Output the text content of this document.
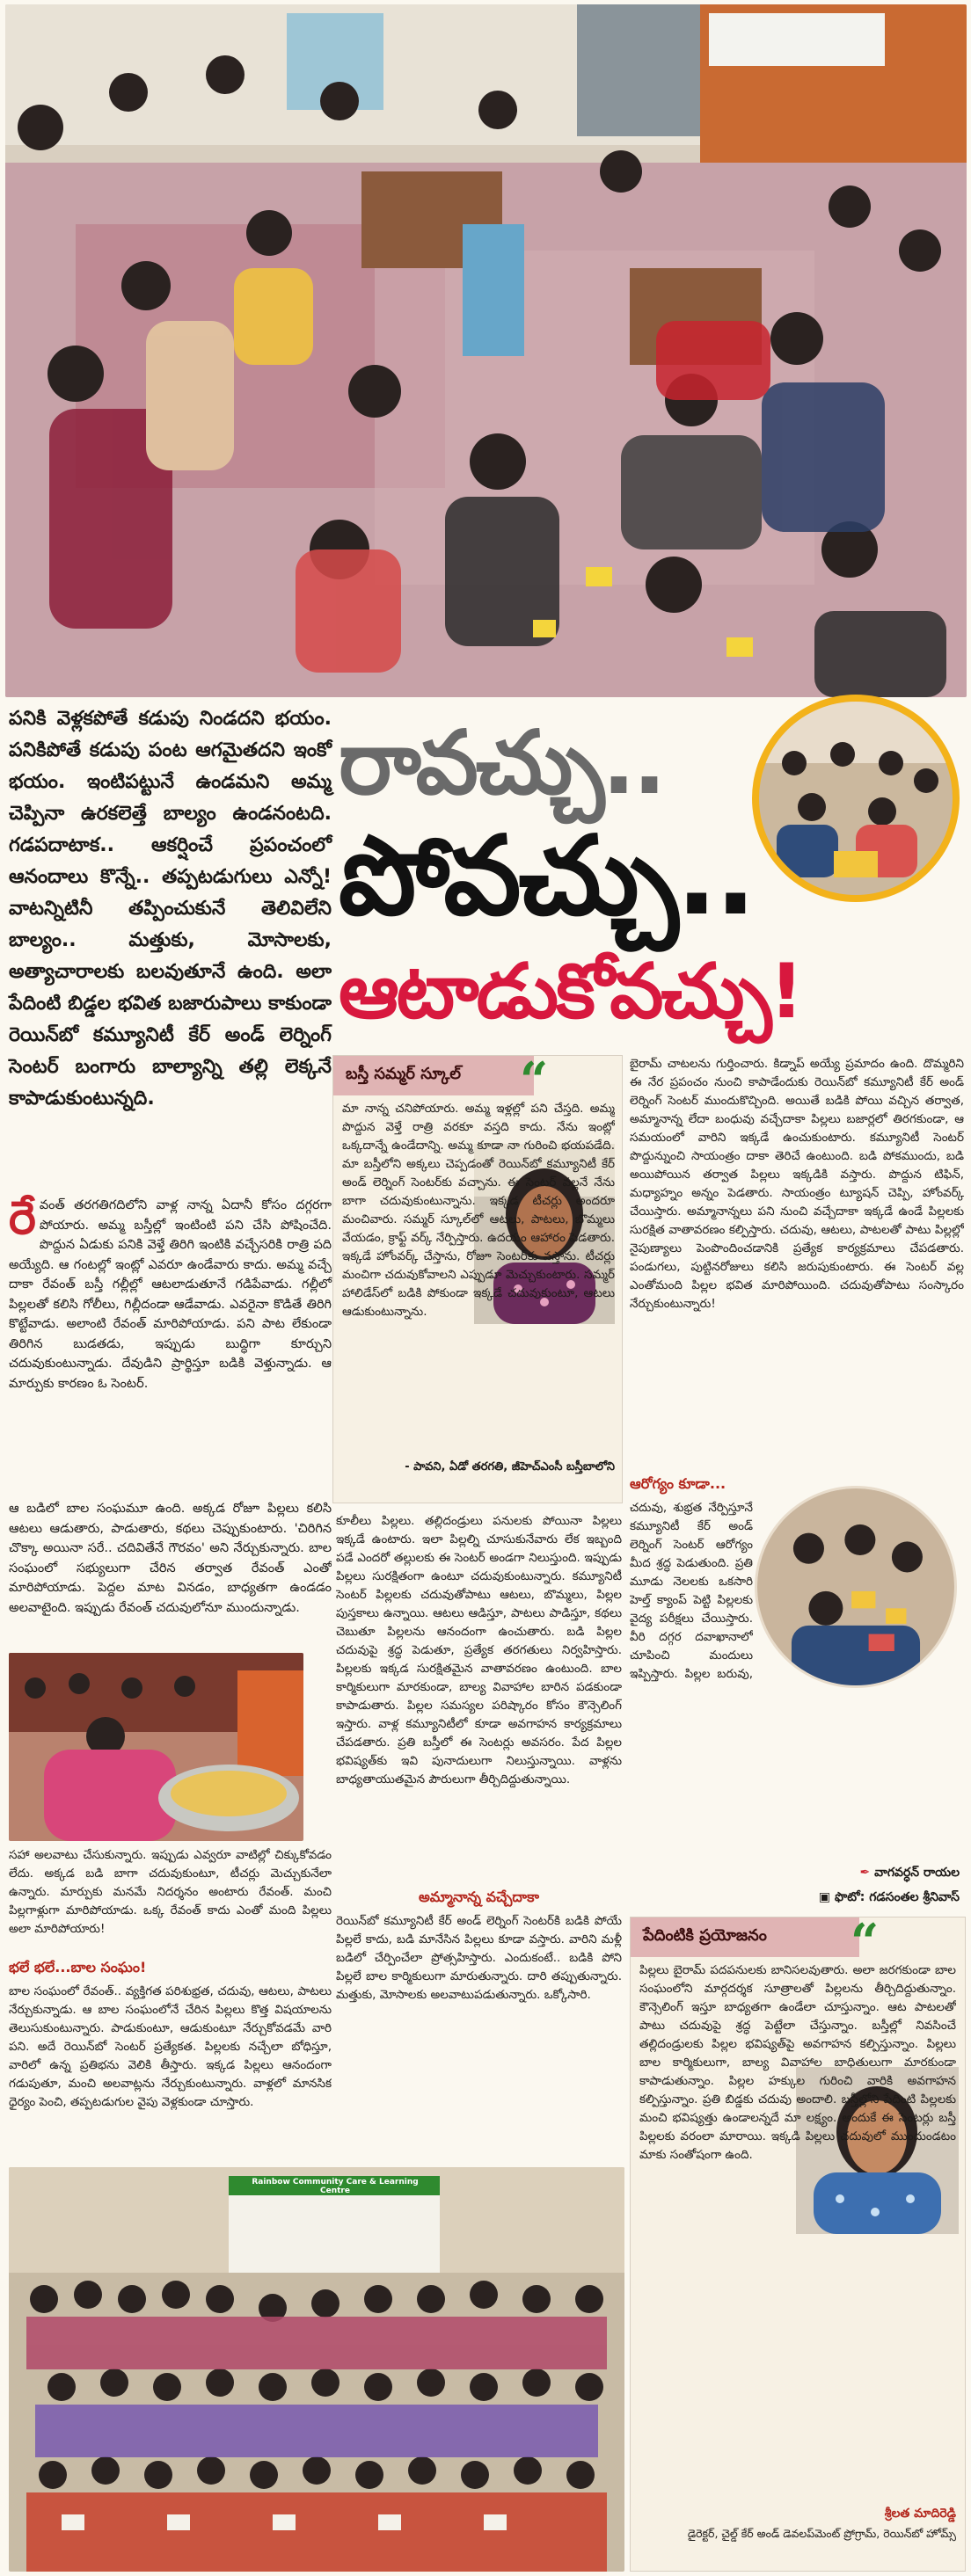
పనికి వెళ్లకపోతే కడుపు నిండదని భయం. పనికిపోతే కడుపు పంట ఆగమైతదని ఇంకో భయం. ఇంటిపట్టునే ఉండమని అమ్మ చెప్పినా ఉరకలెత్తే బాల్యం ఉండనంటది. గడపదాటాక.. ఆకర్షించే ప్రపంచంలో ఆనందాలు కొన్నే.. తప్పటడుగులు ఎన్నో! వాటన్నిటినీ తప్పించుకునే తెలివిలేని బాల్యం.. మత్తుకు, మోసాలకు, అత్యాచారాలకు బలవుతూనే ఉంది. అలా పేదింటి బిడ్డల భవిత బజారుపాలు కాకుండా రెయిన్‌బో కమ్యూనిటీ కేర్ అండ్ లెర్నింగ్ సెంటర్ బంగారు బాల్యాన్ని తల్లి లెక్కనే కాపాడుకుంటున్నది.
రావచ్చు..
పోవచ్చు..
ఆటాడుకోవచ్చు!
రే వంత్ తరగతిగదిలోని వాళ్ల నాన్న ఏదానీ కోసం దగ్గరగా పోయారు. అమ్మ బస్తీల్లో ఇంటింటి పని చేసి పోషించేది. పొద్దున ఏడుకు పనికి వెళ్తే తిరిగి ఇంటికి వచ్చేసరికి రాత్రి పది అయ్యేది. ఆ గంటల్లో ఇంట్లో ఎవరూ ఉండేవారు కాదు. అమ్మ వచ్చే దాకా రేవంత్ బస్తీ గల్లీల్లో ఆటలాడుతూనే గడిపేవాడు. గల్లీలో పిల్లలతో కలిసి గోలీలు, గిల్లీదండా ఆడేవాడు. ఎవరైనా కొడితే తిరిగి కొట్టేవాడు. అలాంటి రేవంత్ మారిపోయాడు. పని పాట లేకుండా తిరిగిన బుడతడు, ఇప్పుడు బుద్ధిగా కూర్చుని చదువుకుంటున్నాడు. దేవుడిని ప్రార్థిస్తూ బడికి వెళ్తున్నాడు. ఆ మార్పుకు కారణం ఓ సెంటర్.
ఆ బడిలో బాల సంఘమూ ఉంది. అక్కడ రోజూ పిల్లలు కలిసి ఆటలు ఆడుతారు, పాడుతారు, కథలు చెప్పుకుంటారు. 'చిరిగిన చొక్కా అయినా సరే.. చదివితేనే గౌరవం' అని నేర్చుకున్నారు. బాల సంఘంలో సభ్యులుగా చేరిన తర్వాత రేవంత్ ఎంతో మారిపోయాడు. పెద్దల మాట వినడం, బాధ్యతగా ఉండడం అలవాటైంది. ఇప్పుడు రేవంత్ చదువులోనూ ముందున్నాడు.
సహా అలవాటు చేసుకున్నారు. ఇప్పుడు ఎవ్వరూ వాటిల్లో చిక్కుకోవడం లేదు. అక్కడ బడి బాగా చదువుకుంటూ, టీచర్లు మెచ్చుకునేలా ఉన్నారు. మార్పుకు మనమే నిదర్శనం అంటారు రేవంత్. మంచి పిల్లగాళ్లుగా మారిపోయాడు. ఒక్క రేవంత్ కాదు ఎంతో మంది పిల్లలు అలా మారిపోయారు!
భలే భలే...బాల సంఘం!
బాల సంఘంలో రేవంత్.. వ్యక్తిగత పరిశుభ్రత, చదువు, ఆటలు, పాటలు నేర్చుకున్నాడు. ఆ బాల సంఘంలోనే చేరిన పిల్లలు కొత్త విషయాలను తెలుసుకుంటున్నారు. పాడుకుంటూ, ఆడుకుంటూ నేర్చుకోవడమే వారి పని. అదే రెయిన్‌బో సెంటర్ ప్రత్యేకత. పిల్లలకు నచ్చేలా బోధిస్తూ, వారిలో ఉన్న ప్రతిభను వెలికి తీస్తారు. ఇక్కడ పిల్లలు ఆనందంగా గడుపుతూ, మంచి అలవాట్లను నేర్చుకుంటున్నారు. వాళ్లలో మానసిక ధైర్యం పెంచి, తప్పటడుగుల వైపు వెళ్లకుండా చూస్తారు.
బస్తీ సమ్మర్ స్కూల్	“
మా నాన్న చనిపోయారు. అమ్మ ఇళ్లల్లో పని చేస్తది. అమ్మ పొద్దున వెళ్తే రాత్రి వరకూ వస్తది కాదు. నేను ఇంట్లో ఒక్కదాన్నే ఉండేదాన్ని. అమ్మ కూడా నా గురించి భయపడేది. మా బస్తీలోని అక్కలు చెప్పడంతో రెయిన్‌బో కమ్యూనిటీ కేర్ అండ్ లెర్నింగ్ సెంటర్‌కు వచ్చాను. ఈ సెంటర్ వల్లనే నేను బాగా చదువుకుంటున్నాను. ఇక్కడ టీచర్లు అందరూ మంచివారు. సమ్మర్ స్కూల్‌లో ఆటలు, పాటలు, బొమ్మలు వేయడం, క్రాఫ్ట్ వర్క్ నేర్పిస్తారు. ఉదయం ఆహారం పెడతారు. ఇక్కడే హోంవర్క్ చేస్తాను, రోజూ సెంటర్‌కు వస్తాను. టీచర్లు మంచిగా చదువుకోవాలని ఎప్పుడూ మెచ్చుకుంటారు. సమ్మర్ హాలిడేస్‌లో బడికి పోకుండా ఇక్కడే చదువుకుంటూ, ఆటలు ఆడుకుంటున్నాను.
- పావని, ఏడో తరగతి, జీహెచ్‌ఎంసీ బస్తీబాలోని
కూలీలు పిల్లలు. తల్లిదండ్రులు పనులకు పోయినా పిల్లలు ఇక్కడే ఉంటారు. ఇలా పిల్లల్ని చూసుకునేవారు లేక ఇబ్బంది పడే ఎందరో తల్లులకు ఈ సెంటర్ అండగా నిలుస్తుంది. ఇప్పుడు పిల్లలు సురక్షితంగా ఉంటూ చదువుకుంటున్నారు. కమ్యూనిటీ సెంటర్ పిల్లలకు చదువుతోపాటు ఆటలు, బొమ్మలు, పిల్లల పుస్తకాలు ఉన్నాయి. ఆటలు ఆడిస్తూ, పాటలు పాడిస్తూ, కథలు చెబుతూ పిల్లలను ఆనందంగా ఉంచుతారు. బడి పిల్లల చదువుపై శ్రద్ధ పెడుతూ, ప్రత్యేక తరగతులు నిర్వహిస్తారు. పిల్లలకు ఇక్కడ సురక్షితమైన వాతావరణం ఉంటుంది. బాల కార్మికులుగా మారకుండా, బాల్య వివాహాల బారిన పడకుండా కాపాడుతారు. పిల్లల సమస్యల పరిష్కారం కోసం కౌన్సెలింగ్ ఇస్తారు. వాళ్ల కమ్యూనిటీలో కూడా అవగాహన కార్యక్రమాలు చేపడతారు. ప్రతి బస్తీలో ఈ సెంటర్లు అవసరం. పేద పిల్లల భవిష్యత్‌కు ఇవి పునాదులుగా నిలుస్తున్నాయి. వాళ్లను బాధ్యతాయుతమైన పౌరులుగా తీర్చిదిద్దుతున్నాయి.
అమ్మానాన్న వచ్చేదాకా
రెయిన్‌బో కమ్యూనిటీ కేర్ అండ్ లెర్నింగ్ సెంటర్‌కి బడికి పోయే పిల్లలే కాదు, బడి మానేసిన పిల్లలు కూడా వస్తారు. వారిని మళ్లీ బడిలో చేర్పించేలా ప్రోత్సహిస్తారు. ఎందుకంటే.. బడికి పోని పిల్లలే బాల కార్మికులుగా మారుతున్నారు. దారి తప్పుతున్నారు. మత్తుకు, మోసాలకు అలవాటుపడుతున్నారు. ఒక్కోసారి.
బైరామ్ చాటలను గుర్తించారు. కిడ్నాప్ అయ్యే ప్రమాదం ఉంది. దొమ్మరిని ఈ నేర ప్రపంచం నుంచి కాపాడేందుకు రెయిన్‌బో కమ్యూనిటీ కేర్ అండ్ లెర్నింగ్ సెంటర్ ముందుకొచ్చింది. అయితే బడికి పోయి వచ్చిన తర్వాత, అమ్మానాన్న లేదా బంధువు వచ్చేదాకా పిల్లలు బజార్లలో తిరగకుండా, ఆ సమయంలో వారిని ఇక్కడే ఉంచుకుంటారు. కమ్యూనిటీ సెంటర్ పొద్దున్నుంచి సాయంత్రం దాకా తెరిచే ఉంటుంది. బడి పోకముందు, బడి అయిపోయిన తర్వాత పిల్లలు ఇక్కడికి వస్తారు. పొద్దున టిఫిన్, మధ్యాహ్నం అన్నం పెడతారు. సాయంత్రం ట్యూషన్ చెప్పి, హోంవర్క్ చేయిస్తారు. అమ్మానాన్నలు పని నుంచి వచ్చేదాకా ఇక్కడే ఉండే పిల్లలకు సురక్షిత వాతావరణం కల్పిస్తారు. చదువు, ఆటలు, పాటలతో పాటు పిల్లల్లో నైపుణ్యాలు పెంపొందించడానికి ప్రత్యేక కార్యక్రమాలు చేపడతారు. పండుగలు, పుట్టినరోజులు కలిసి జరుపుకుంటారు. ఈ సెంటర్ వల్ల ఎంతోమంది పిల్లల భవిత మారిపోయింది. చదువుతోపాటు సంస్కారం నేర్చుకుంటున్నారు!
ఆరోగ్యం కూడా...
చదువు, శుభ్రత నేర్పిస్తూనే కమ్యూనిటీ కేర్ అండ్ లెర్నింగ్ సెంటర్ ఆరోగ్యం మీద శ్రద్ధ పెడుతుంది. ప్రతి మూడు నెలలకు ఒకసారి హెల్త్ క్యాంప్ పెట్టి పిల్లలకు వైద్య పరీక్షలు చేయిస్తారు. వీరి దగ్గర దవాఖానాలో చూపించి మందులు ఇప్పిస్తారు. పిల్లల బరువు,
✒ వాగవర్ధన్ రాయల
▣ ఫొటో: గడసంతల శ్రీనివాస్
పేదింటికి ప్రయోజనం	“
పిల్లలు బైరామ్ పదపనులకు బానిసలవుతారు. అలా జరగకుండా బాల సంఘంలోని మార్గదర్శక సూత్రాలతో పిల్లలను తీర్చిదిద్దుతున్నాం. కౌన్సెలింగ్ ఇస్తూ బాధ్యతగా ఉండేలా చూస్తున్నాం. ఆట పాటలతో పాటు చదువుపై శ్రద్ధ పెట్టేలా చేస్తున్నాం. బస్తీల్లో నివసించే తల్లిదండ్రులకు పిల్లల భవిష్యత్‌పై అవగాహన కల్పిస్తున్నాం. పిల్లలు బాల కార్మికులుగా, బాల్య వివాహాల బాధితులుగా మారకుండా కాపాడుతున్నాం. పిల్లల హక్కుల గురించి వారికి అవగాహన కల్పిస్తున్నాం. ప్రతి బిడ్డకు చదువు అందాలి. బస్తీల్లోని పేదింటి పిల్లలకు మంచి భవిష్యత్తు ఉండాలన్నదే మా లక్ష్యం. అందుకే ఈ సెంటర్లు బస్తీ పిల్లలకు వరంలా మారాయి. ఇక్కడి పిల్లలు చదువులో ముందుండటం మాకు సంతోషంగా ఉంది.
శ్రీలత మాదిరెడ్డి
డైరెక్టర్, చైల్డ్ కేర్ అండ్ డెవలప్‌మెంట్ ప్రోగ్రామ్, రెయిన్‌బో హోమ్స్
Rainbow Community Care & Learning Centre
